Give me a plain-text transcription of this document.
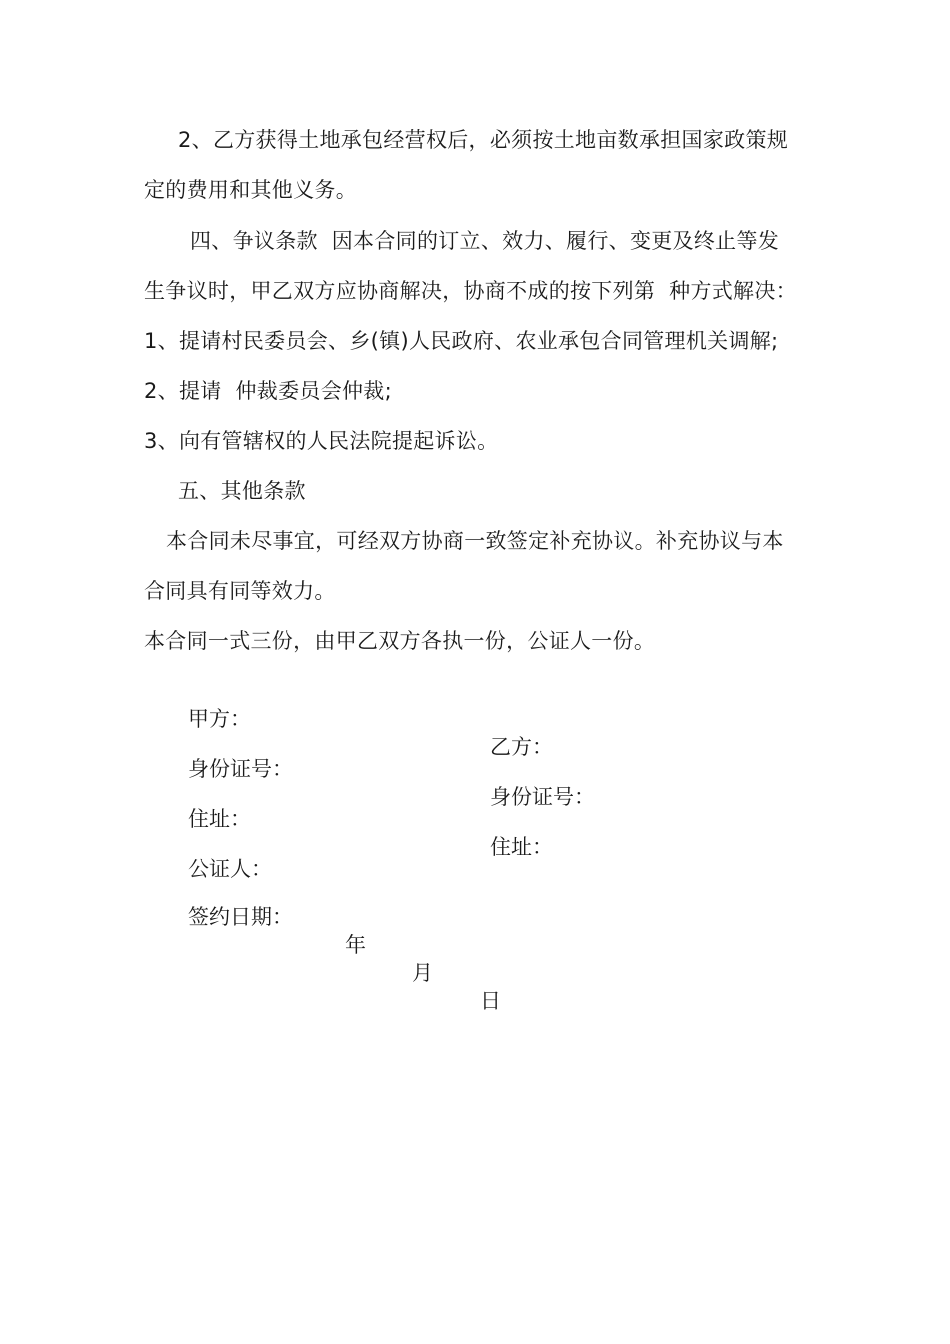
2、乙方获得土地承包经营权后，必须按土地亩数承担国家政策规
定的费用和其他义务。
四、争议条款  因本合同的订立、效力、履行、变更及终止等发
生争议时，甲乙双方应协商解决，协商不成的按下列第  种方式解决：
1、提请村民委员会、乡(镇)人民政府、农业承包合同管理机关调解;
2、提请  仲裁委员会仲裁;
3、向有管辖权的人民法院提起诉讼。
五、其他条款
本合同未尽事宜，可经双方协商一致签定补充协议。补充协议与本
合同具有同等效力。
本合同一式三份，由甲乙双方各执一份，公证人一份。

甲方：

乙方：

身份证号：

身份证号：

住址：

住址：

公证人：

签约日期：

年

月

日
